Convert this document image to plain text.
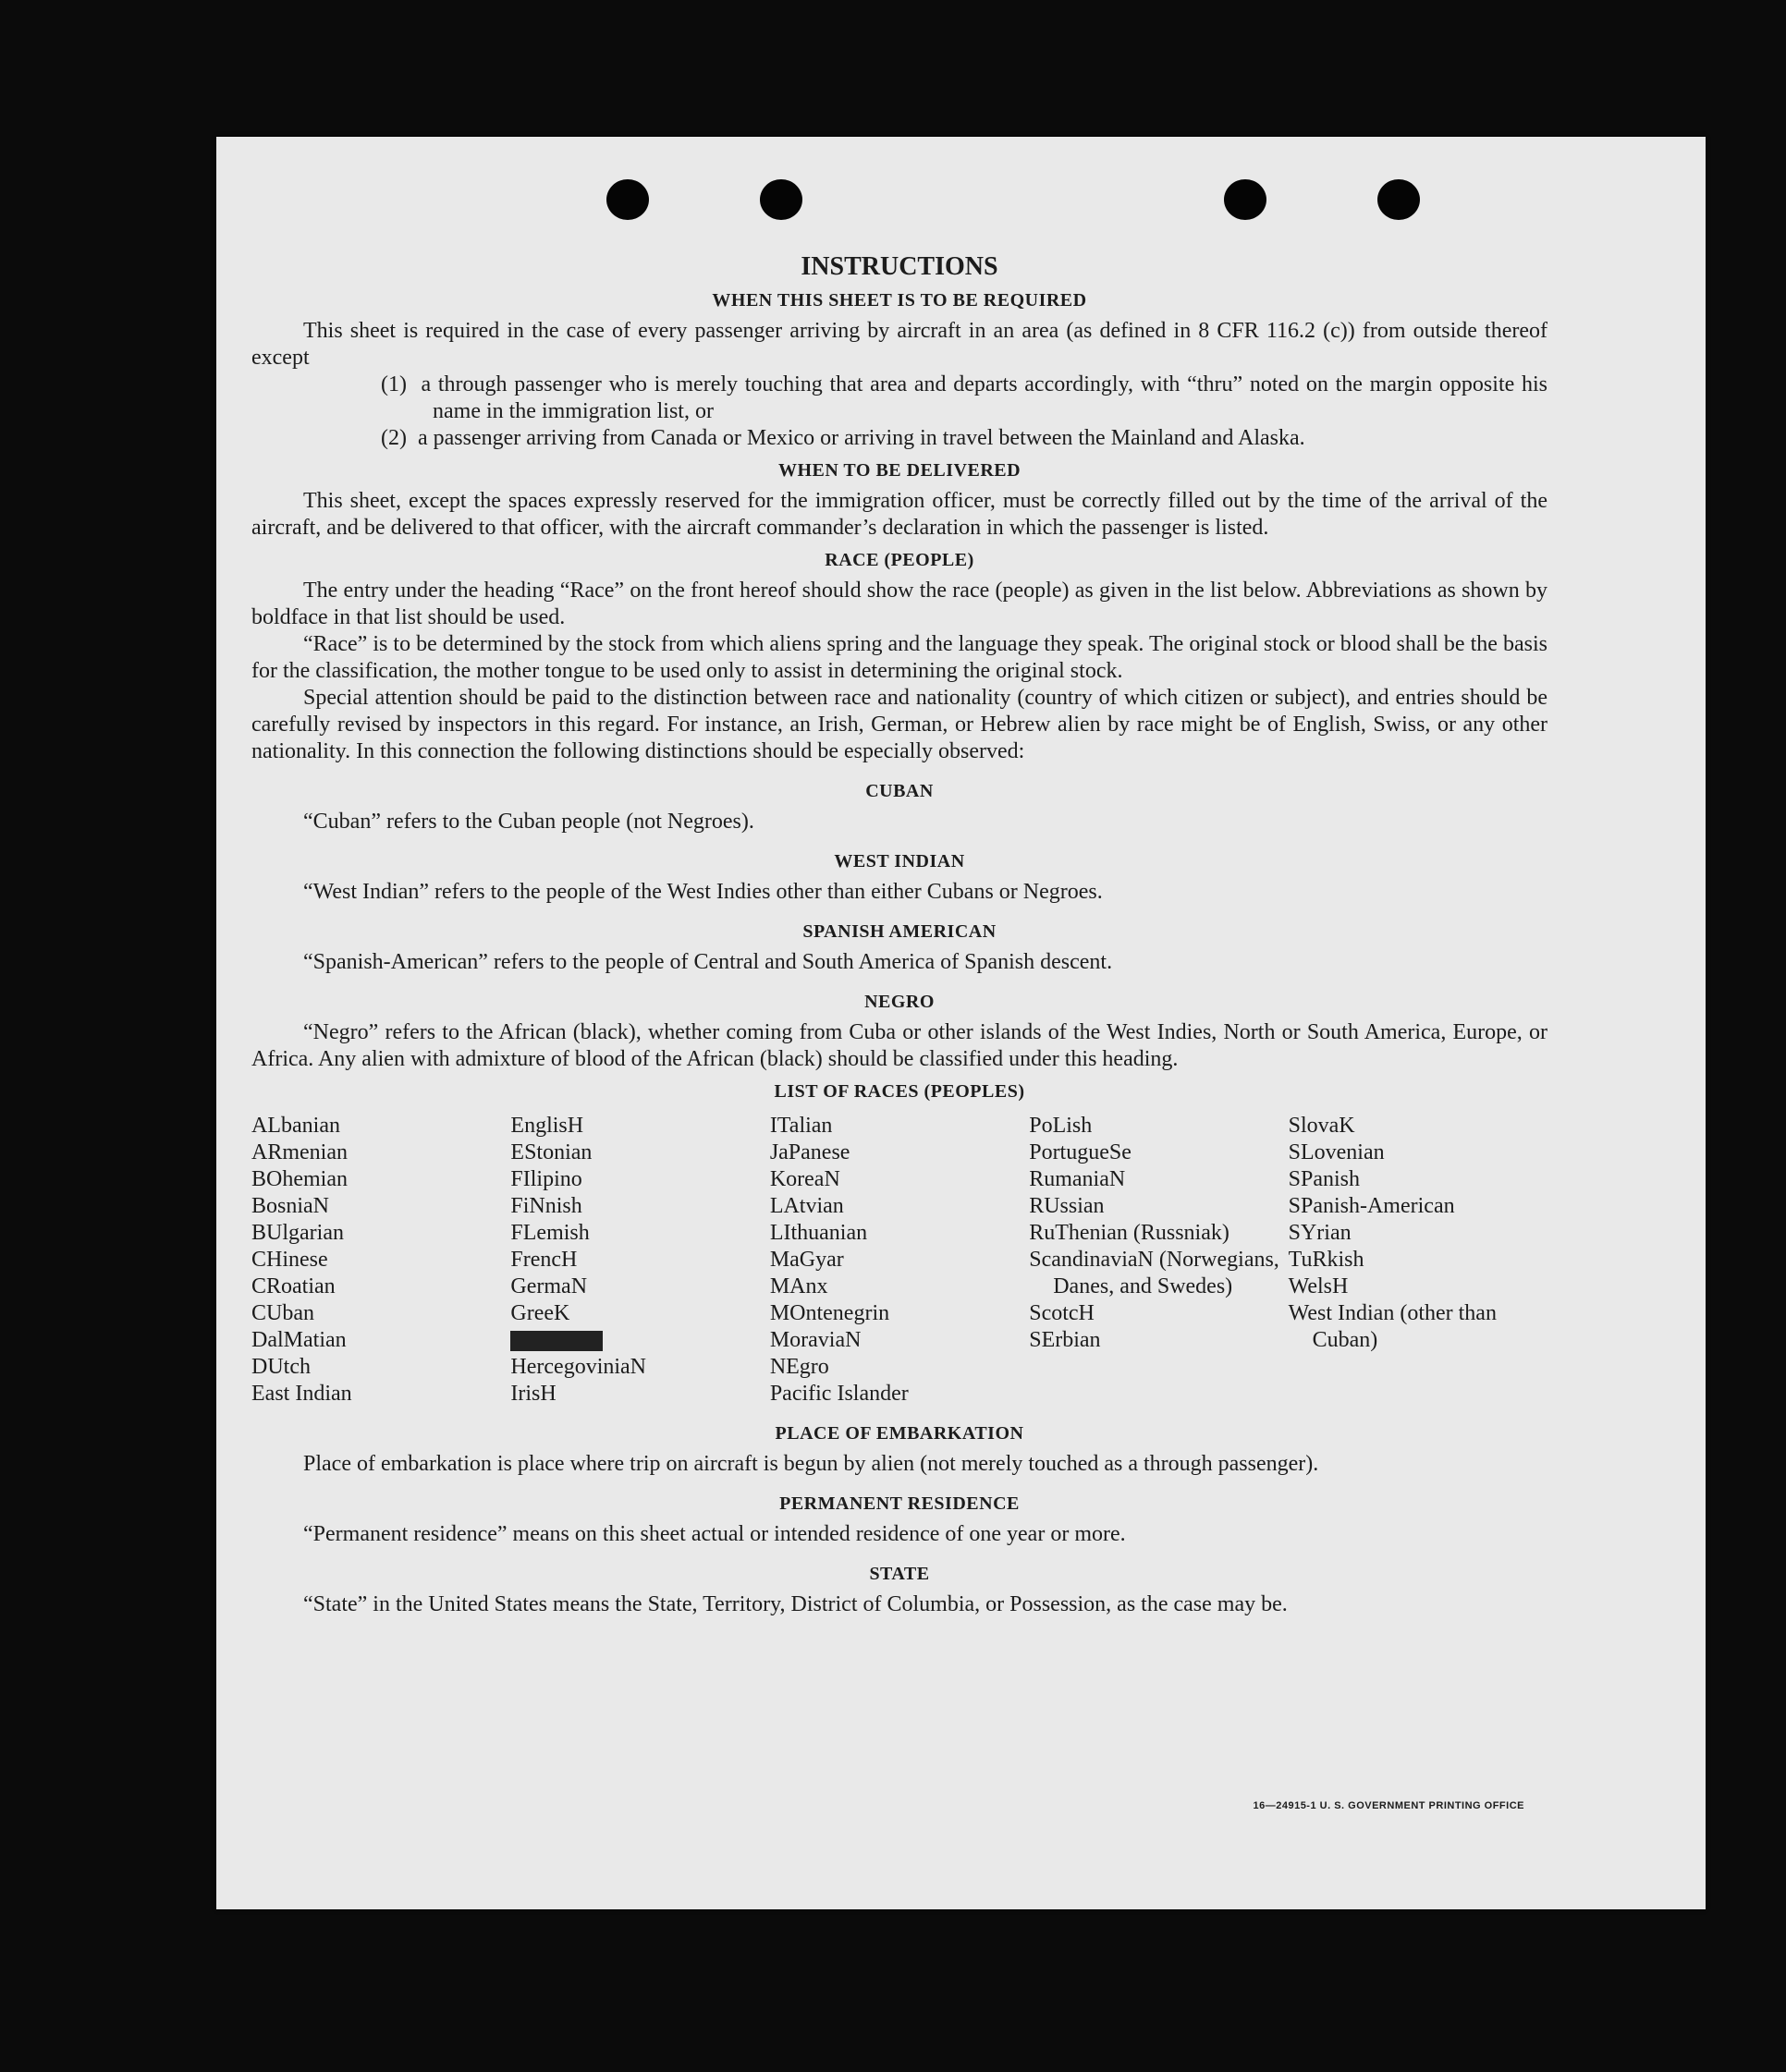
INSTRUCTIONS
WHEN THIS SHEET IS TO BE REQUIRED

This sheet is required in the case of every passenger arriving by aircraft in an area (as defined in 8 CFR 116.2 (c)) from outside thereof except

(1) a through passenger who is merely touching that area and departs accordingly, with “thru” noted on the margin opposite his name in the immigration list, or

(2) a passenger arriving from Canada or Mexico or arriving in travel between the Mainland and Alaska.

WHEN TO BE DELIVERED

This sheet, except the spaces expressly reserved for the immigration officer, must be correctly filled out by the time of the arrival of the aircraft, and be delivered to that officer, with the aircraft commander’s declaration in which the passenger is listed.

RACE (PEOPLE)

The entry under the heading “Race” on the front hereof should show the race (people) as given in the list below. Abbreviations as shown by boldface in that list should be used.

“Race” is to be determined by the stock from which aliens spring and the language they speak. The original stock or blood shall be the basis for the classification, the mother tongue to be used only to assist in determining the original stock.

Special attention should be paid to the distinction between race and nationality (country of which citizen or subject), and entries should be carefully revised by inspectors in this regard. For instance, an Irish, German, or Hebrew alien by race might be of English, Swiss, or any other nationality. In this connection the following distinctions should be especially observed:

CUBAN

“Cuban” refers to the Cuban people (not Negroes).

WEST INDIAN

“West Indian” refers to the people of the West Indies other than either Cubans or Negroes.

SPANISH AMERICAN

“Spanish-American” refers to the people of Central and South America of Spanish descent.

NEGRO

“Negro” refers to the African (black), whether coming from Cuba or other islands of the West Indies, North or South America, Europe, or Africa. Any alien with admixture of blood of the African (black) should be classified under this heading.

LIST OF RACES (PEOPLES)
ALbanian
ARmenian
BOhemian
BosniaN
BUlgarian
CHinese
CRoatian
CUban
DalMatian
DUtch
East Indian
EnglisH
EStonian
FIlipino
FiNnish
FLemish
FrencH
GermaN
GreeK
HercegoviniaN
IrisH
ITalian
JaPanese
KoreaN
LAtvian
LIthuanian
MaGyar
MAnx
MOntenegrin
MoraviaN
NEgro
Pacific Islander
PoLish
PortugueSe
RumaniaN
RUssian
RuThenian (Russniak)
ScandinaviaN (Norwegians, Danes, and Swedes)
ScotcH
SErbian
SlovaK
SLovenian
SPanish
SPanish-American
SYrian
TuRkish
WelsH
West Indian (other than Cuban)
PLACE OF EMBARKATION

Place of embarkation is place where trip on aircraft is begun by alien (not merely touched as a through passenger).

PERMANENT RESIDENCE

“Permanent residence” means on this sheet actual or intended residence of one year or more.

STATE

“State” in the United States means the State, Territory, District of Columbia, or Possession, as the case may be.

16—24915-1 U. S. GOVERNMENT PRINTING OFFICE
